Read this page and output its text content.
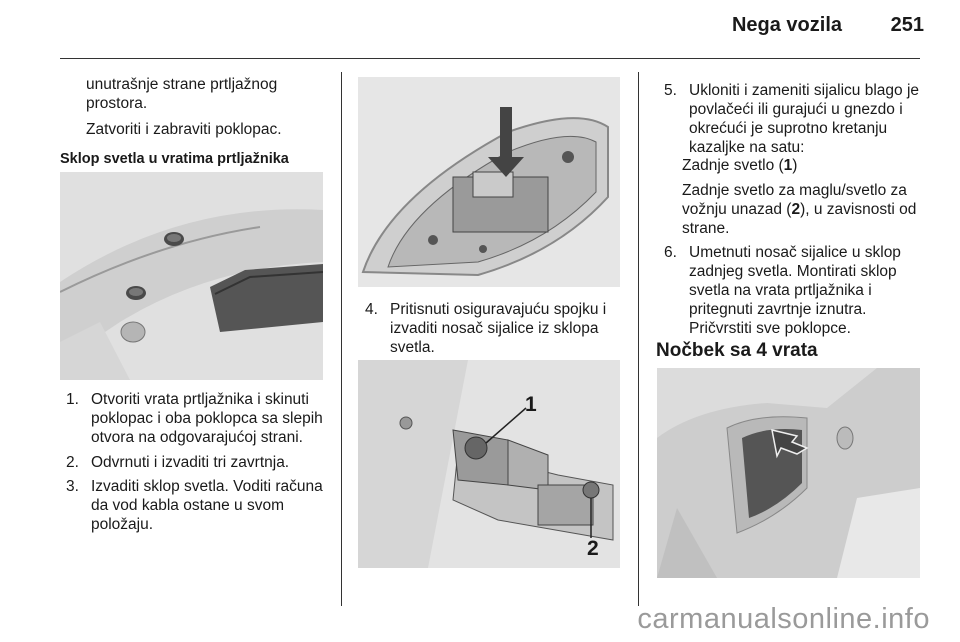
Nega vozila 251
unutrašnje strane prtljažnog
prostora.
Zatvoriti i zabraviti poklopac.
Sklop svetla u vratima prtljažnika
1. Otvoriti vrata prtljažnika i skinuti poklopac i oba poklopca sa slepih otvora na odgovarajućoj strani.
2. Odvrnuti i izvaditi tri zavrtnja.
3. Izvaditi sklop svetla. Voditi računa da vod kabla ostane u svom položaju.
4. Pritisnuti osiguravajuću spojku i izvaditi nosač sijalice iz sklopa svetla.
1
2
5. Ukloniti i zameniti sijalicu blago je povlačeći ili gurajući u gnezdo i okrećući je suprotno kretanju kazaljke na satu:
Zadnje svetlo (1)
Zadnje svetlo za maglu/svetlo za vožnju unazad (2), u zavisnosti od strane.
6. Umetnuti nosač sijalice u sklop zadnjeg svetla. Montirati sklop svetla na vrata prtljažnika i pritegnuti zavrtnje iznutra. Pričvrstiti sve poklopce.
Nočbek sa 4 vrata
carmanualsonline.info
